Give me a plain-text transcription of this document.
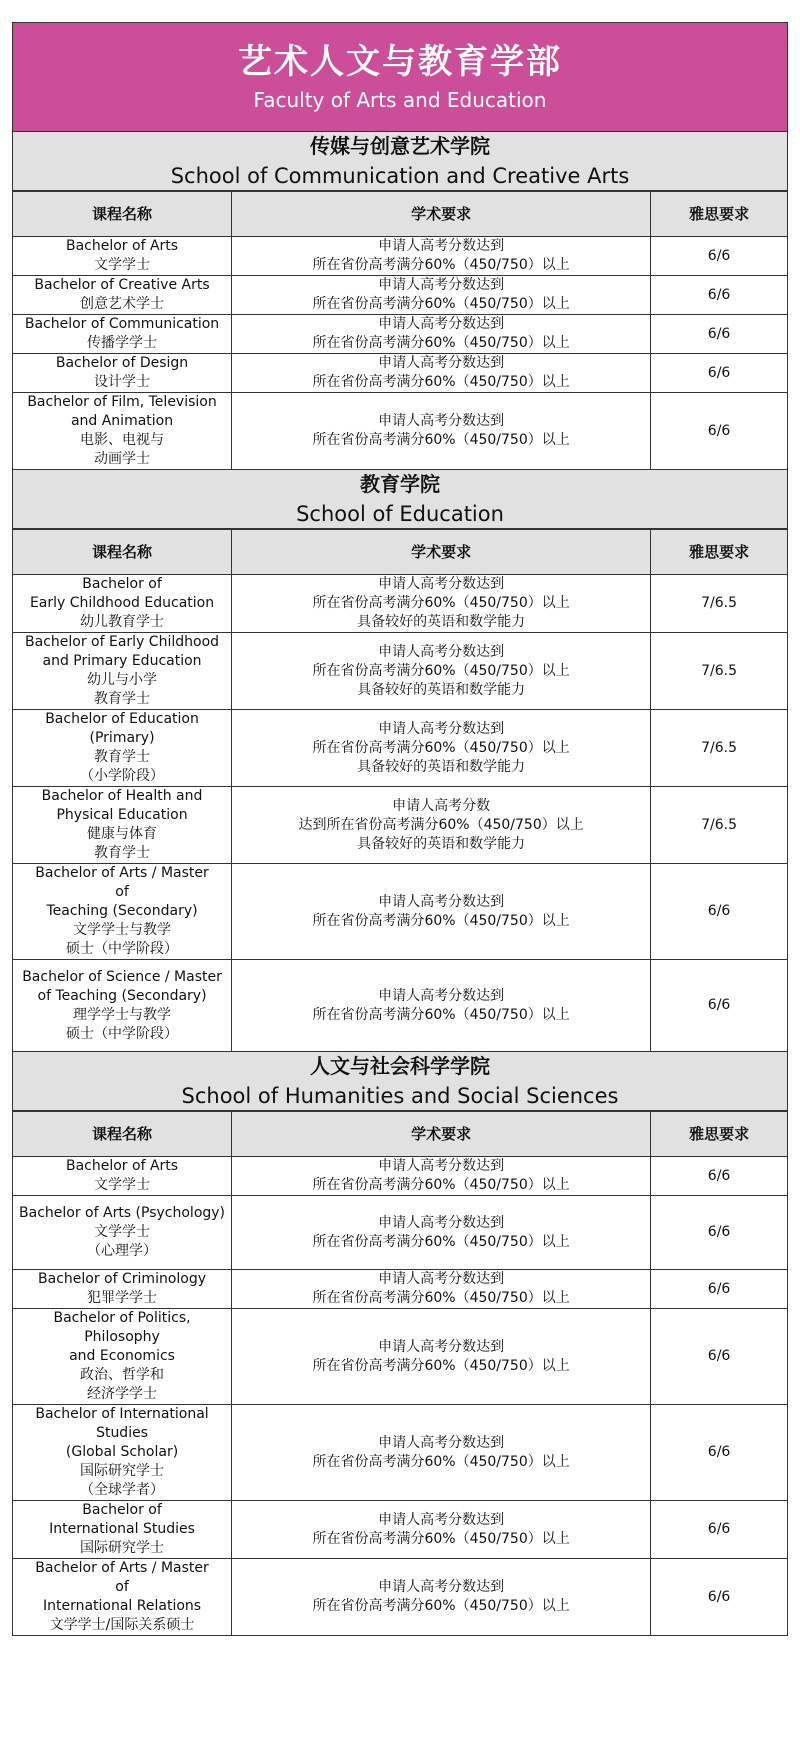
艺术人文与教育学部
Faculty of Arts and Education
传媒与创意艺术学院
School of Communication and Creative Arts
课程名称	学术要求	雅思要求

Bachelor of Arts
文学学士	申请人高考分数达到
所在省份高考满分60%（450/750）以上	6/6

Bachelor of Creative Arts
创意艺术学士	申请人高考分数达到
所在省份高考满分60%（450/750）以上	6/6

Bachelor of Communication
传播学学士	申请人高考分数达到
所在省份高考满分60%（450/750）以上	6/6

Bachelor of Design
设计学士	申请人高考分数达到
所在省份高考满分60%（450/750）以上	6/6

Bachelor of Film, Television
and Animation
电影、电视与
动画学士	申请人高考分数达到
所在省份高考满分60%（450/750）以上	6/6
教育学院
School of Education
课程名称	学术要求	雅思要求

Bachelor of
Early Childhood Education
幼儿教育学士	申请人高考分数达到
所在省份高考满分60%（450/750）以上
具备较好的英语和数学能力	7/6.5

Bachelor of Early Childhood
and Primary Education
幼儿与小学
教育学士	申请人高考分数达到
所在省份高考满分60%（450/750）以上
具备较好的英语和数学能力	7/6.5

Bachelor of Education
(Primary)
教育学士
（小学阶段）	申请人高考分数达到
所在省份高考满分60%（450/750）以上
具备较好的英语和数学能力	7/6.5

Bachelor of Health and
Physical Education
健康与体育
教育学士	申请人高考分数
达到所在省份高考满分60%（450/750）以上
具备较好的英语和数学能力	7/6.5

Bachelor of Arts / Master
of
Teaching (Secondary)
文学学士与教学
硕士（中学阶段）	申请人高考分数达到
所在省份高考满分60%（450/750）以上	6/6

Bachelor of Science / Master
of Teaching (Secondary)
理学学士与教学
硕士（中学阶段）	申请人高考分数达到
所在省份高考满分60%（450/750）以上	6/6
人文与社会科学学院
School of Humanities and Social Sciences
课程名称	学术要求	雅思要求

Bachelor of Arts
文学学士	申请人高考分数达到
所在省份高考满分60%（450/750）以上	6/6

Bachelor of Arts (Psychology)
文学学士
（心理学）	申请人高考分数达到
所在省份高考满分60%（450/750）以上	6/6

Bachelor of Criminology
犯罪学学士	申请人高考分数达到
所在省份高考满分60%（450/750）以上	6/6

Bachelor of Politics, Philosophy
and Economics
政治、哲学和
经济学学士	申请人高考分数达到
所在省份高考满分60%（450/750）以上	6/6

Bachelor of International
Studies
(Global Scholar)
国际研究学士
（全球学者）	申请人高考分数达到
所在省份高考满分60%（450/750）以上	6/6

Bachelor of
International Studies
国际研究学士	申请人高考分数达到
所在省份高考满分60%（450/750）以上	6/6

Bachelor of Arts / Master
of
International Relations
文学学士/国际关系硕士	申请人高考分数达到
所在省份高考满分60%（450/750）以上	6/6
